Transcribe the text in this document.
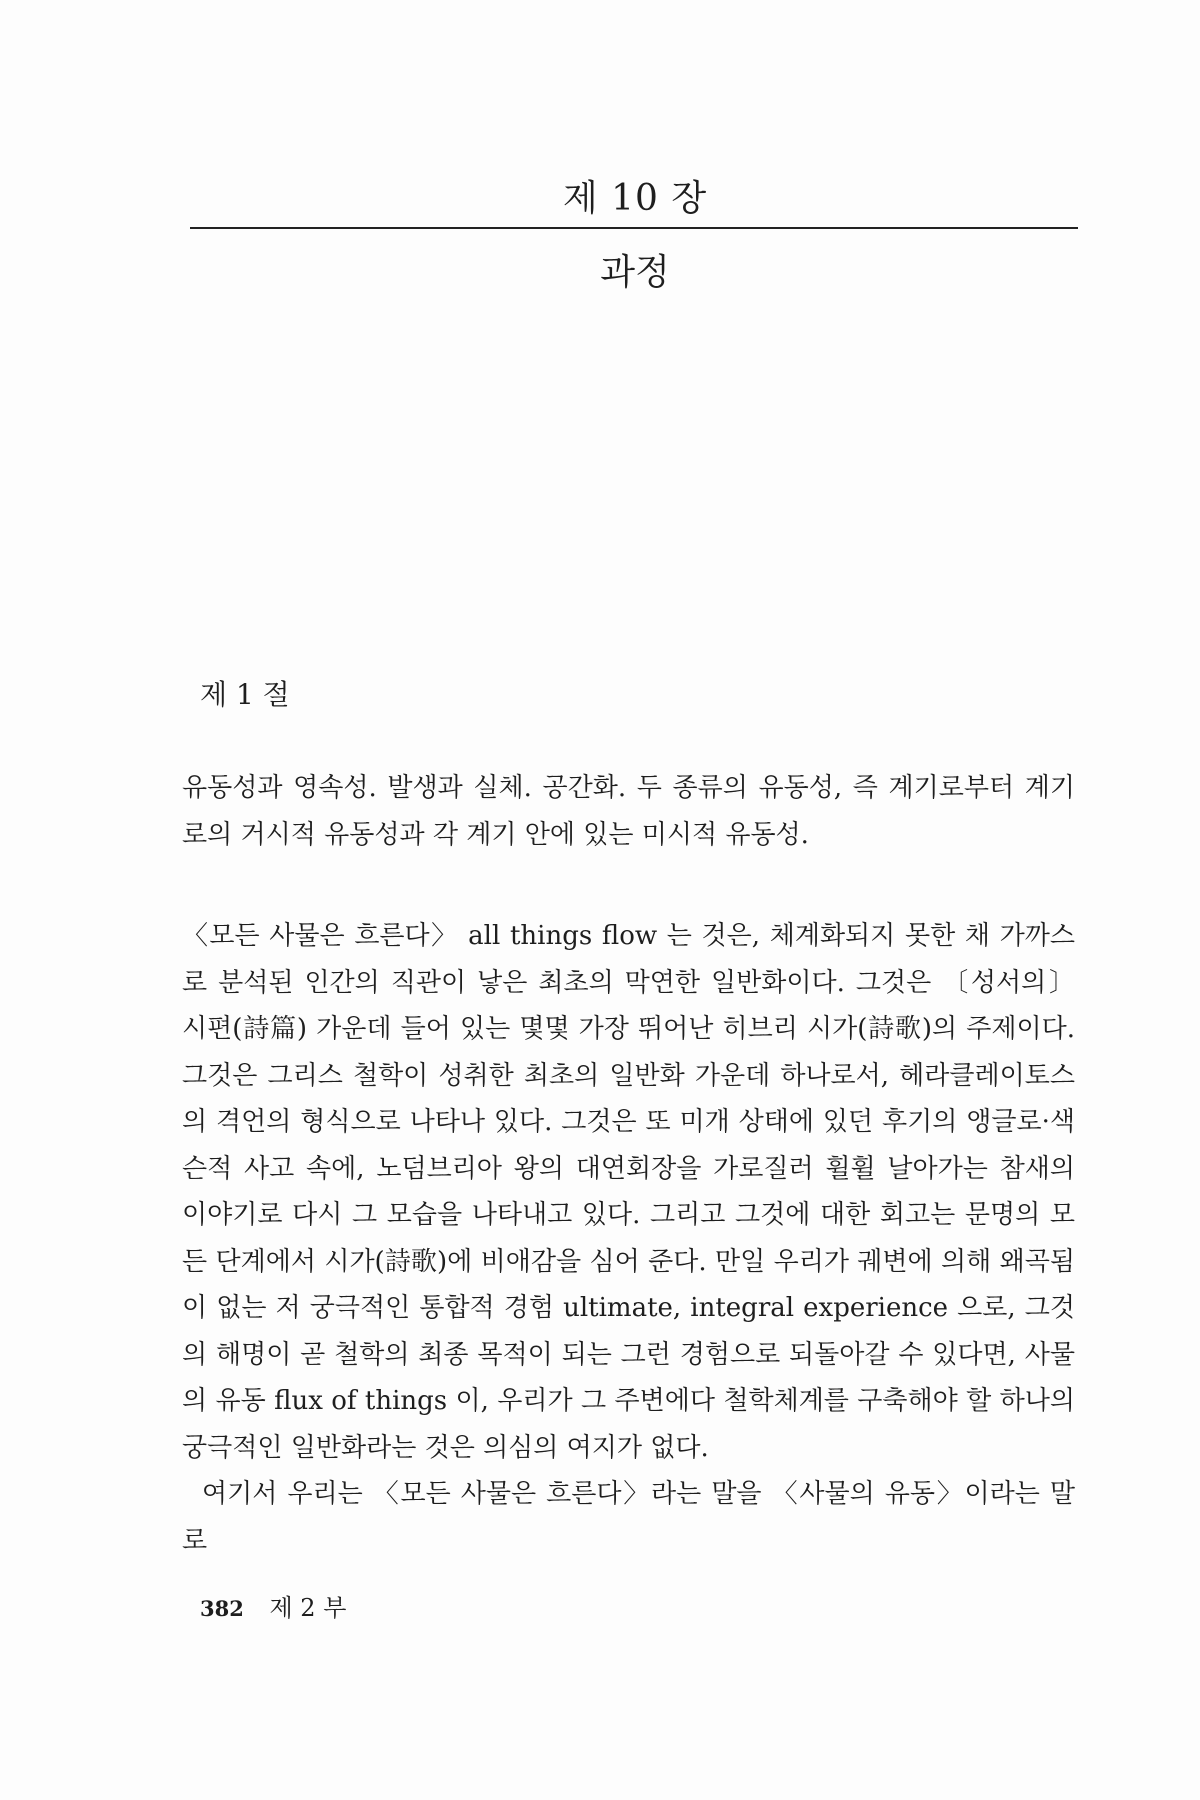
제 10 장
과정
제 1 절
유동성과 영속성. 발생과 실체. 공간화. 두 종류의 유동성, 즉 계기로부터 계기로의 거시적 유동성과 각 계기 안에 있는 미시적 유동성.

〈모든 사물은 흐른다〉 all things flow 는 것은, 체계화되지 못한 채 가까스로 분석된 인간의 직관이 낳은 최초의 막연한 일반화이다. 그것은 〔성서의〕 시편(詩篇) 가운데 들어 있는 몇몇 가장 뛰어난 히브리 시가(詩歌)의 주제이다. 그것은 그리스 철학이 성취한 최초의 일반화 가운데 하나로서, 헤라클레이토스의 격언의 형식으로 나타나 있다. 그것은 또 미개 상태에 있던 후기의 앵글로·색슨적 사고 속에, 노덤브리아 왕의 대연회장을 가로질러 휠휠 날아가는 참새의 이야기로 다시 그 모습을 나타내고 있다. 그리고 그것에 대한 회고는 문명의 모든 단계에서 시가(詩歌)에 비애감을 심어 준다. 만일 우리가 궤변에 의해 왜곡됨이 없는 저 궁극적인 통합적 경험 ultimate, integral experience 으로, 그것의 해명이 곧 철학의 최종 목적이 되는 그런 경험으로 되돌아갈 수 있다면, 사물의 유동 flux of things 이, 우리가 그 주변에다 철학체계를 구축해야 할 하나의 궁극적인 일반화라는 것은 의심의 여지가 없다.

여기서 우리는 〈모든 사물은 흐른다〉라는 말을 〈사물의 유동〉이라는 말로

382 제 2 부
